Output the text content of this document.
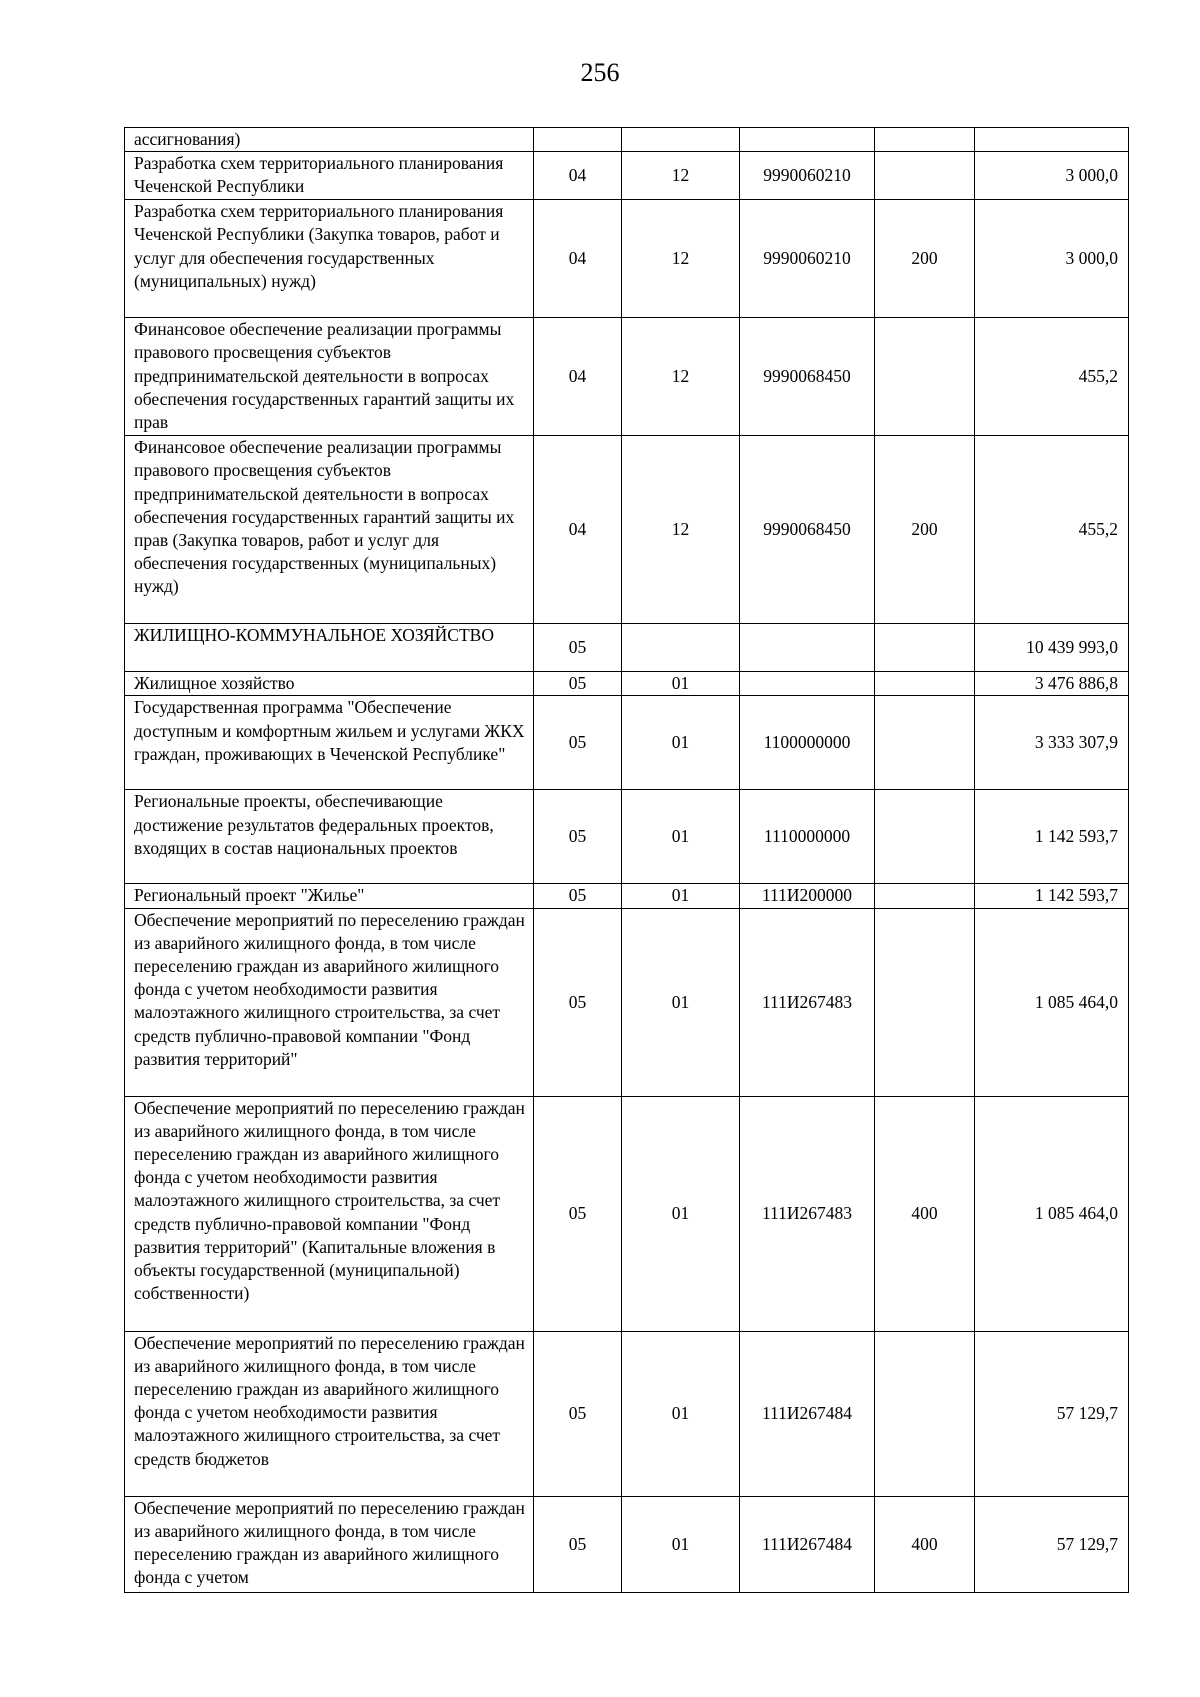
256
ассигнования)					
Разработка схем территориального планирования Чеченской Республики	04	12	9990060210		3 000,0
Разработка схем территориального планирования Чеченской Республики (Закупка товаров, работ и услуг для обеспечения государственных (муниципальных) нужд)	04	12	9990060210	200	3 000,0
Финансовое обеспечение реализации программы правового просвещения субъектов предпринимательской деятельности в вопросах обеспечения государственных гарантий защиты их прав	04	12	9990068450		455,2
Финансовое обеспечение реализации программы правового просвещения субъектов предпринимательской деятельности в вопросах обеспечения государственных гарантий защиты их прав (Закупка товаров, работ и услуг для обеспечения государственных (муниципальных) нужд)	04	12	9990068450	200	455,2
ЖИЛИЩНО-КОММУНАЛЬНОЕ ХОЗЯЙСТВО	05				10 439 993,0
Жилищное хозяйство	05	01			3 476 886,8
Государственная программа "Обеспечение доступным и комфортным жильем и услугами ЖКХ граждан, проживающих в Чеченской Республике"	05	01	1100000000		3 333 307,9
Региональные проекты, обеспечивающие достижение результатов федеральных проектов, входящих в состав национальных проектов	05	01	1110000000		1 142 593,7
Региональный проект "Жилье"	05	01	111И200000		1 142 593,7
Обеспечение мероприятий по переселению граждан из аварийного жилищного фонда, в том числе переселению граждан из аварийного жилищного фонда с учетом необходимости развития малоэтажного жилищного строительства, за счет средств публично-правовой компании "Фонд развития территорий"	05	01	111И267483		1 085 464,0
Обеспечение мероприятий по переселению граждан из аварийного жилищного фонда, в том числе переселению граждан из аварийного жилищного фонда с учетом необходимости развития малоэтажного жилищного строительства, за счет средств публично-правовой компании "Фонд развития территорий" (Капитальные вложения в объекты государственной (муниципальной) собственности)	05	01	111И267483	400	1 085 464,0
Обеспечение мероприятий по переселению граждан из аварийного жилищного фонда, в том числе переселению граждан из аварийного жилищного фонда с учетом необходимости развития малоэтажного жилищного строительства, за счет средств бюджетов	05	01	111И267484		57 129,7
Обеспечение мероприятий по переселению граждан из аварийного жилищного фонда, в том числе переселению граждан из аварийного жилищного фонда с учетом	05	01	111И267484	400	57 129,7
